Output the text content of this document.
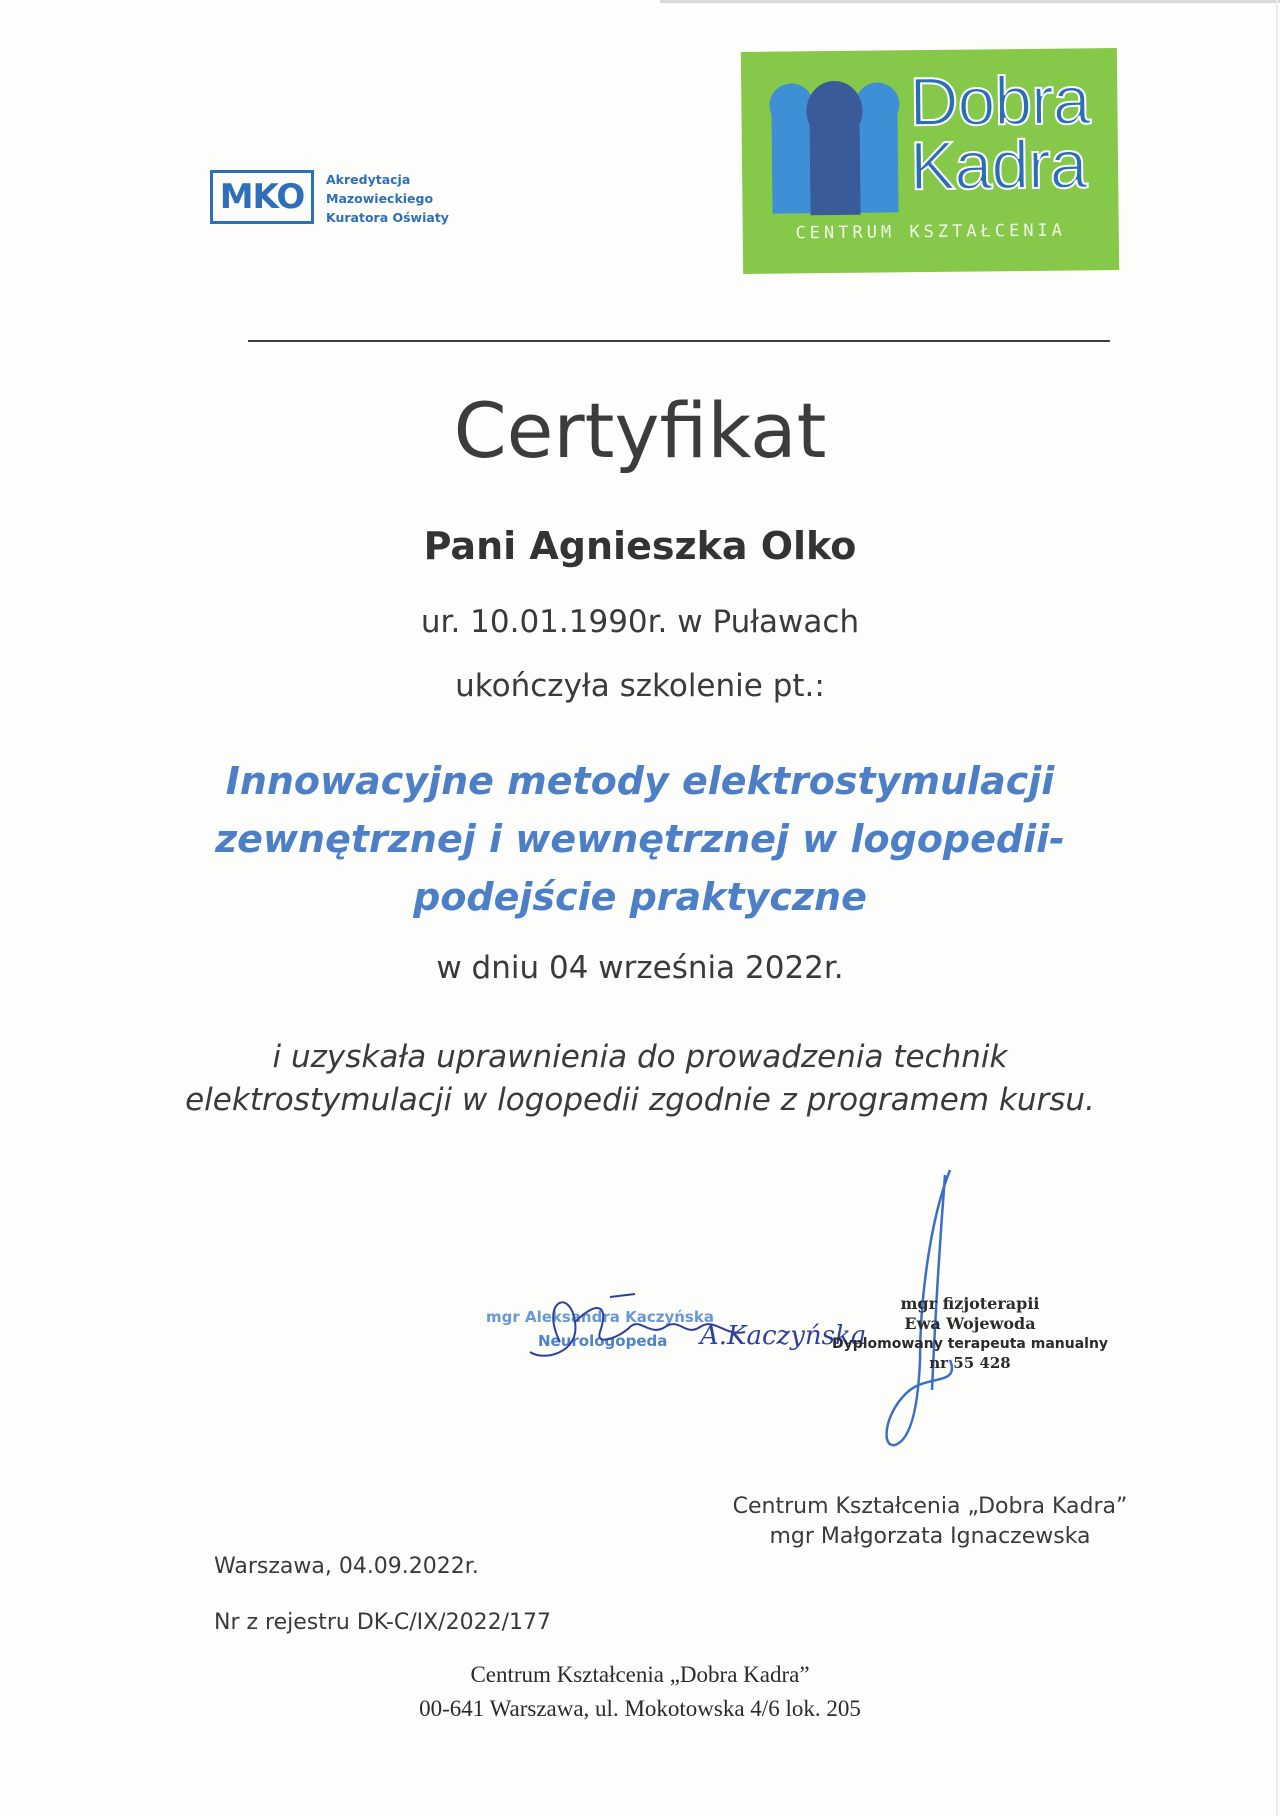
MKO Akredytacja
Mazowieckiego
Kuratora Oświaty
Dobra
Kadra
CENTRUM KSZTAŁCENIA
Certyfikat
Pani Agnieszka Olko
ur. 10.01.1990r. w Puławach
ukończyła szkolenie pt.:
Innowacyjne metody elektrostymulacji
zewnętrznej i wewnętrznej w logopedii-
podejście praktyczne
w dniu 04 września 2022r.
i uzyskała uprawnienia do prowadzenia technik
elektrostymulacji w logopedii zgodnie z programem kursu.
mgr Aleksandra Kaczyńska
Neurologopeda A.Kaczyńska
mgr fizjoterapii
Ewa Wojewoda
Dyplomowany terapeuta manualny
nr 55 428
Centrum Kształcenia „Dobra Kadra”
mgr Małgorzata Ignaczewska
Warszawa, 04.09.2022r.
Nr z rejestru DK-C/IX/2022/177
Centrum Kształcenia „Dobra Kadra”
00-641 Warszawa, ul. Mokotowska 4/6 lok. 205
